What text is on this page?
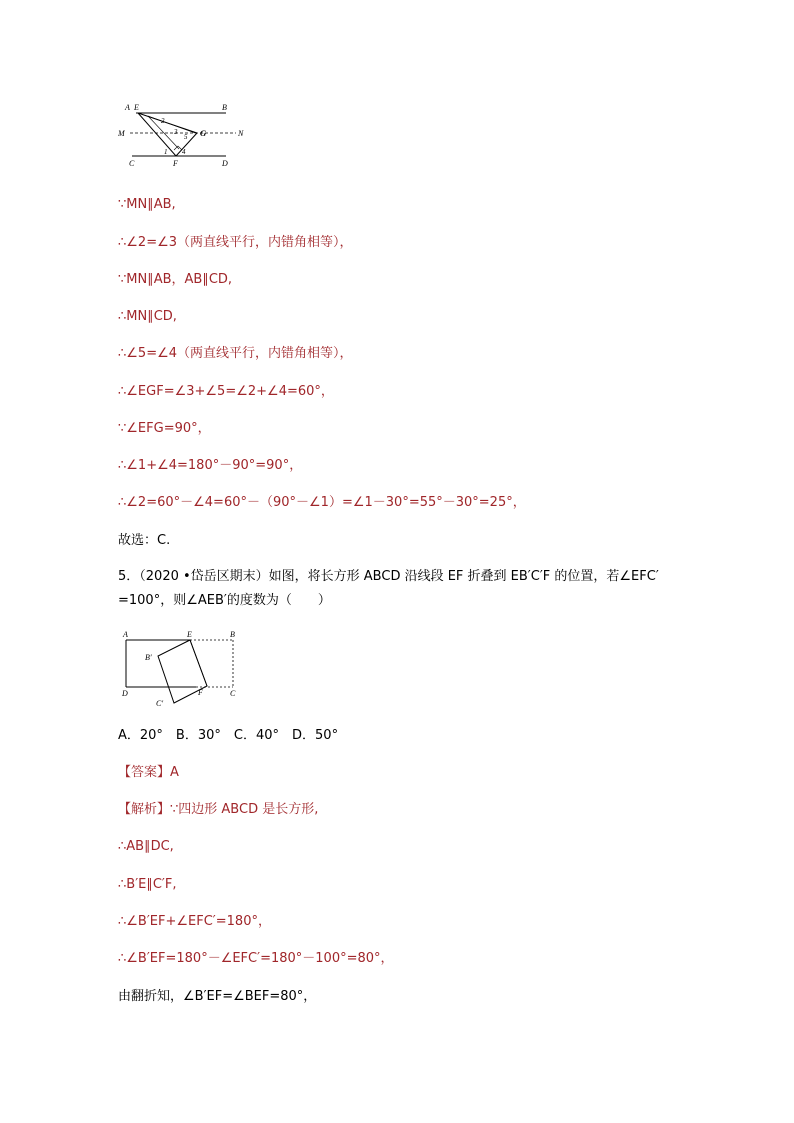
A E	B
M	G	N
C	F	D
2
3
5
1 4
∵MN∥AB,
∴∠2=∠3（两直线平行，内错角相等），
∵MN∥AB，AB∥CD,
∴MN∥CD,
∴∠5=∠4（两直线平行，内错角相等），
∴∠EGF=∠3+∠5=∠2+∠4=60°，
∵∠EFG=90°，
∴∠1+∠4=180°－90°=90°，
∴∠2=60°－∠4=60°－（90°－∠1）=∠1－30°=55°－30°=25°，
故选：C.
5．（2020 •岱岳区期末）如图，将长方形 ABCD 沿线段 EF 折叠到 EB′C′F 的位置，若∠EFC′
=100°，则∠AEB′的度数为（　　）
A	E	B
B′
D	F	C
C′
A．20°　B．30°　C．40°　D．50°
【答案】A
【解析】∵四边形 ABCD 是长方形,
∴AB∥DC,
∴B′E∥C′F,
∴∠B′EF+∠EFC′=180°，
∴∠B′EF=180°－∠EFC′=180°－100°=80°，
由翻折知，∠B′EF=∠BEF=80°，
